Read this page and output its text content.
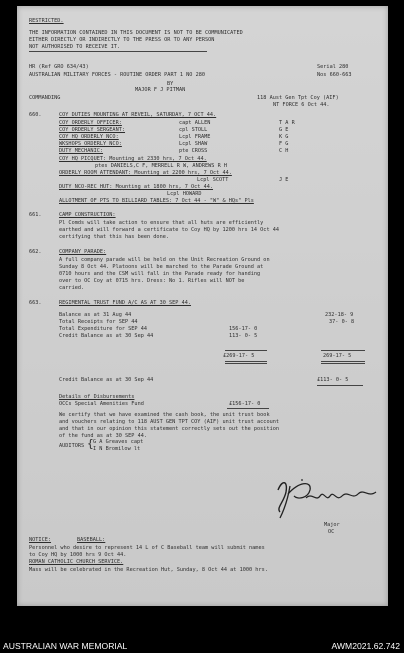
RESTRICTED.
THE INFORMATION CONTAINED IN THIS DOCUMENT IS NOT TO BE COMMUNICATED
EITHER DIRECTLY OR INDIRECTLY TO THE PRESS OR TO ANY PERSON
NOT AUTHORISED TO RECEIVE IT.
HR (Ref GRO 634/43)	Serial 280
AUSTRALIAN MILITARY FORCES - ROUTINE ORDER PART 1 NO 280	Nos 660-663
BY
MAJOR F J PITMAN
COMMANDING	118 Aust Gen Tpt Coy (AIF)
NT FORCE 6 Oct 44.
660.	COY DUTIES MOUNTING AT REVEIL, SATURDAY, 7 OCT 44.
COY ORDERLY OFFICER:	capt ALLEN	T A R
COY ORDERLY SERGEANT:	cpl STOLL	G E
COY HQ ORDERLY NCO:	Lcpl FRAME	K G
WKSHOPS ORDERLY NCO:	Lcpl SHAW	F G
DUTY MECHANIC:	pte CROSS	C H
COY HQ PICQUET: Mounting at 2330 hrs, 7 Oct 44.
ptes DANIELS,C F, MERRELL R W, ANDREWS R H
ORDERLY ROOM ATTENDANT: Mounting at 2200 hrs, 7 Oct 44.
Lcpl SCOTT	J E
DUTY NCO-REC HUT: Mounting at 1800 hrs, 7 Oct 44.
Lcpl HOWARD
ALLOTMENT OF PTS TO BILLIARD TABLES: 7 Oct 44 - "W" & HQs" Pls
661.	CAMP CONSTRUCTION:
Pl Comds will take action to ensure that all huts are efficiently
earthed and will forward a certificate to Coy HQ by 1200 hrs 14 Oct 44
certifying that this has been done.
662.	COMPANY PARADE:
A full company parade will be held on the Unit Recreation Ground on
Sunday 8 Oct 44. Platoons will be marched to the Parade Ground at
0710 hours and the CSM will fall in the Parade ready for handing
over to OC Coy at 0715 hrs. Dress: No 1. Rifles will NOT be
carried.
663.	REGIMENTAL TRUST FUND A/C AS AT 30 SEP 44.
Balance as at 31 Aug 44	232-18- 9
Total Receipts for SEP 44	37- 0- 8
Total Expenditure for SEP 44	156-17- 0
Credit Balance as at 30 Sep 44	113- 0- 5
£269-17- 5	269-17- 5
Credit Balance as at 30 Sep 44	£113- 0- 5
Details of Disbursements
OCCs Special Amenities Fund	£156-17- 0
We certify that we have examined the cash book, the unit trust book
and vouchers relating to 118 AUST GEN TPT COY (AIF) unit trust account
and that in our opinion this statement correctly sets out the position
of the fund as at 30 SEP 44.
AUDITORS { G A Greaves capt
I N Bromilow lt
Major
OC
NOTICE:	BASEBALL:
Personnel who desire to represent 14 L of C Baseball team will submit names
to Coy HQ by 1000 hrs 9 Oct 44.
ROMAN CATHOLIC CHURCH SERVICE.
Mass will be celebrated in the Recreation Hut, Sunday, 8 Oct 44 at 1000 hrs.
AUSTRALIAN WAR MEMORIAL	AWM2021.62.742
